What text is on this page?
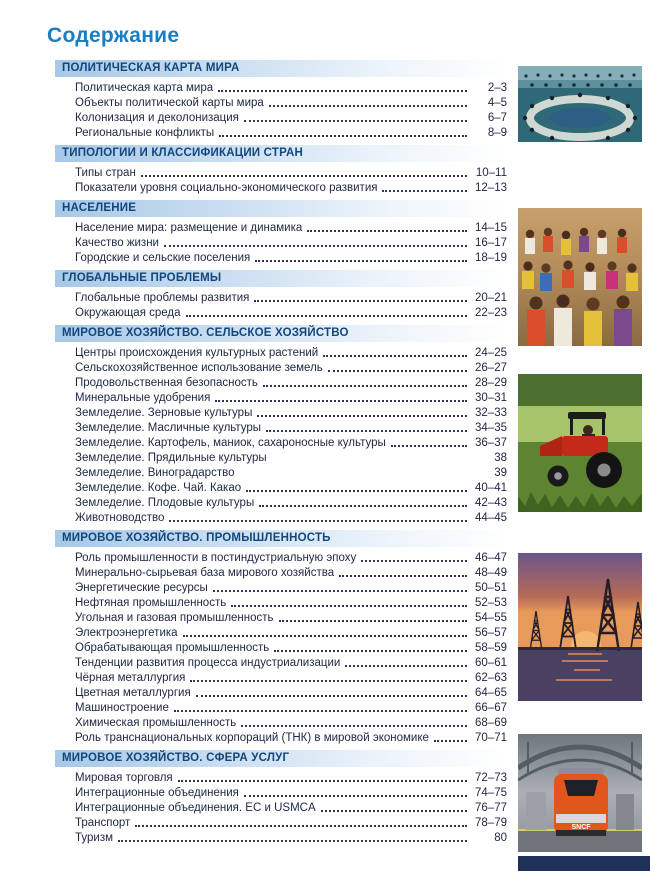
Содержание
ПОЛИТИЧЕСКАЯ КАРТА МИРА
Политическая карта мира	2–3
Объекты политической карты мира	4–5
Колонизация и деколонизация	6–7
Региональные конфликты	8–9
ТИПОЛОГИИ И КЛАССИФИКАЦИИ СТРАН
Типы стран	10–11
Показатели уровня социально-экономического развития	12–13
НАСЕЛЕНИЕ
Население мира: размещение и динамика	14–15
Качество жизни	16–17
Городские и сельские поселения	18–19
ГЛОБАЛЬНЫЕ ПРОБЛЕМЫ
Глобальные проблемы развития	20–21
Окружающая среда	22–23
МИРОВОЕ ХОЗЯЙСТВО. СЕЛЬСКОЕ ХОЗЯЙСТВО
Центры происхождения культурных растений	24–25
Сельскохозяйственное использование земель	26–27
Продовольственная безопасность	28–29
Минеральные удобрения	30–31
Земледелие. Зерновые культуры	32–33
Земледелие. Масличные культуры	34–35
Земледелие. Картофель, маниок, сахароносные культуры	36–37
Земледелие. Прядильные культуры	38
Земледелие. Виноградарство	39
Земледелие. Кофе. Чай. Какао	40–41
Земледелие. Плодовые культуры	42–43
Животноводство	44–45
МИРОВОЕ ХОЗЯЙСТВО. ПРОМЫШЛЕННОСТЬ
Роль промышленности в постиндустриальную эпоху	46–47
Минерально-сырьевая база мирового хозяйства	48–49
Энергетические ресурсы	50–51
Нефтяная промышленность	52–53
Угольная и газовая промышленность	54–55
Электроэнергетика	56–57
Обрабатывающая промышленность	58–59
Тенденции развития процесса индустриализации	60–61
Чёрная металлургия	62–63
Цветная металлургия	64–65
Машиностроение	66–67
Химическая промышленность	68–69
Роль транснациональных корпораций (ТНК) в мировой экономике	70–71
МИРОВОЕ ХОЗЯЙСТВО. СФЕРА УСЛУГ
Мировая торговля	72–73
Интеграционные объединения	74–75
Интеграционные объединения. ЕС и USMCA	76–77
Транспорт	78–79
Туризм	80
SNCF
